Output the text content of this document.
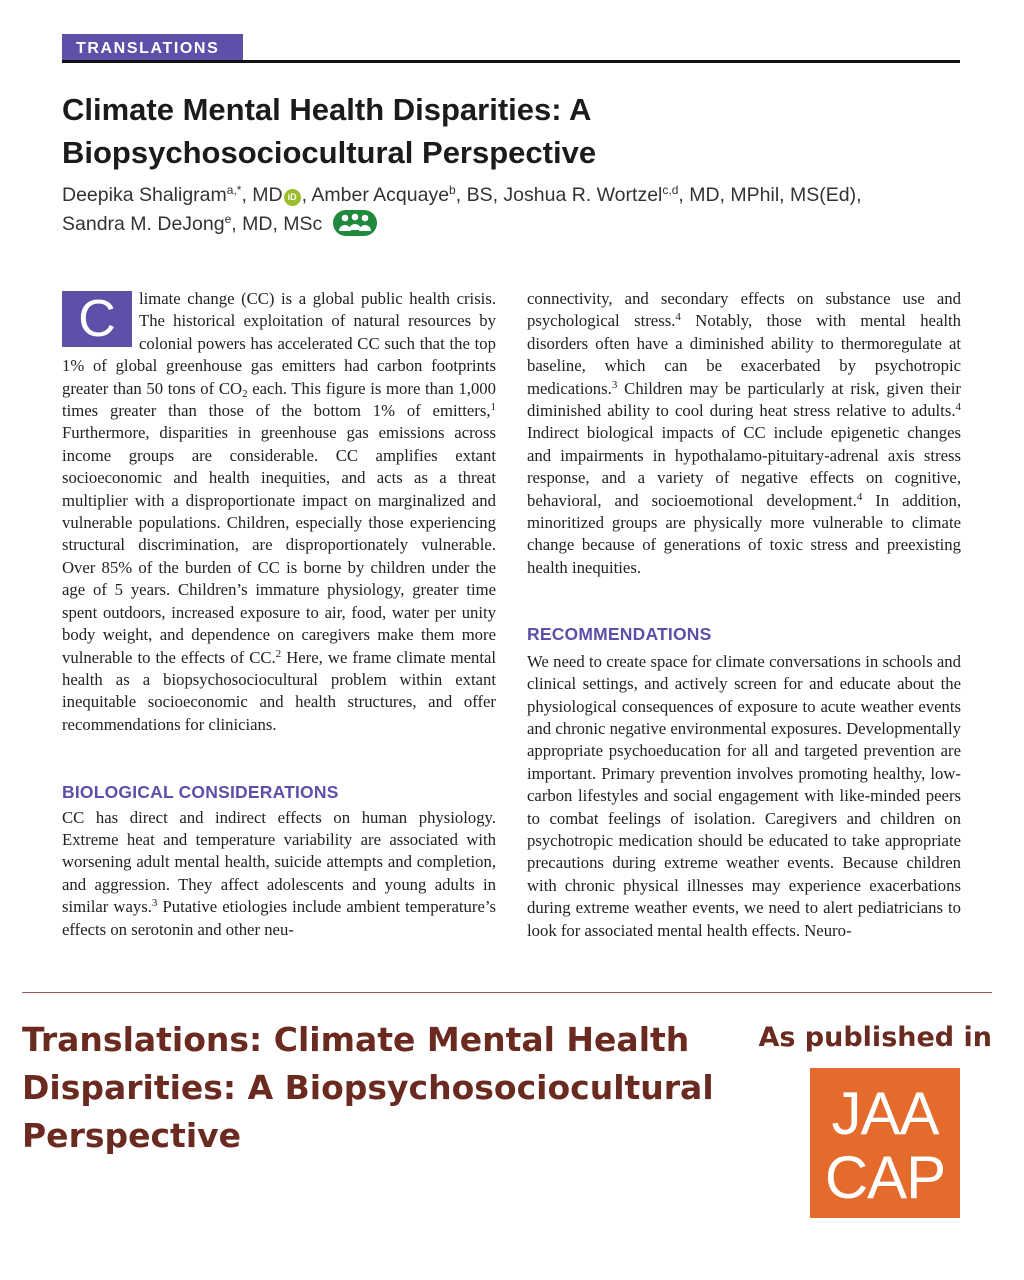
TRANSLATIONS
Climate Mental Health Disparities: A
Biopsychosociocultural Perspective
Deepika Shaligram$^{a,*}$, MD iD , Amber Acquaye$^b$, BS, Joshua R. Wortzel$^{c,d}$, MD, MPhil, MS(Ed),
Sandra M. DeJong$^e$, MD, MSc

C	limate change (CC) is a global public health crisis. The historical exploitation of natural resources by colonial powers has accelerated CC such that the top 1% of global greenhouse gas emitters had carbon footprints greater than 50 tons of $CO_2$ each. This figure is more than 1,000 times greater than those of the bottom 1% of emitters,$^1$ Furthermore, disparities in greenhouse gas emissions across income groups are considerable. CC amplifies extant socioeconomic and health inequities, and acts as a threat multiplier with a disproportionate impact on marginalized and vulnerable populations. Children, especially those experiencing structural discrimination, are disproportionately vulnerable. Over 85% of the burden of CC is borne by children under the age of 5 years. Children’s immature physiology, greater time spent outdoors, increased exposure to air, food, water per unity body weight, and dependence on caregivers make them more vulnerable to the effects of CC.$^2$ Here, we frame climate mental health as a biopsychosociocultural problem within extant inequitable socioeconomic and health structures, and offer recommendations for clinicians.

BIOLOGICAL CONSIDERATIONS

CC has direct and indirect effects on human physiology. Extreme heat and temperature variability are associated with worsening adult mental health, suicide attempts and completion, and aggression. They affect adolescents and young adults in similar ways.$^3$ Putative etiologies include ambient temperature’s effects on serotonin and other neu-

connectivity, and secondary effects on substance use and psychological stress.$^4$ Notably, those with mental health disorders often have a diminished ability to thermoregulate at baseline, which can be exacerbated by psychotropic medications.$^3$ Children may be particularly at risk, given their diminished ability to cool during heat stress relative to adults.$^4$ Indirect biological impacts of CC include epigenetic changes and impairments in hypothalamo-pituitary-adrenal axis stress response, and a variety of negative effects on cognitive, behavioral, and socioemotional development.$^4$ In addition, minoritized groups are physically more vulnerable to climate change because of generations of toxic stress and preexisting health inequities.

RECOMMENDATIONS

We need to create space for climate conversations in schools and clinical settings, and actively screen for and educate about the physiological consequences of exposure to acute weather events and chronic negative environmental exposures. Developmentally appropriate psychoeducation for all and targeted prevention are important. Primary prevention involves promoting healthy, low-carbon lifestyles and social engagement with like-minded peers to combat feelings of isolation. Caregivers and children on psychotropic medication should be educated to take appropriate precautions during extreme weather events. Because children with chronic physical illnesses may experience exacerbations during extreme weather events, we need to alert pediatricians to look for associated mental health effects. Neuro-

Translations: Climate Mental Health
Disparities: A Biopsychosociocultural
Perspective
As published in
JAA
CAP
